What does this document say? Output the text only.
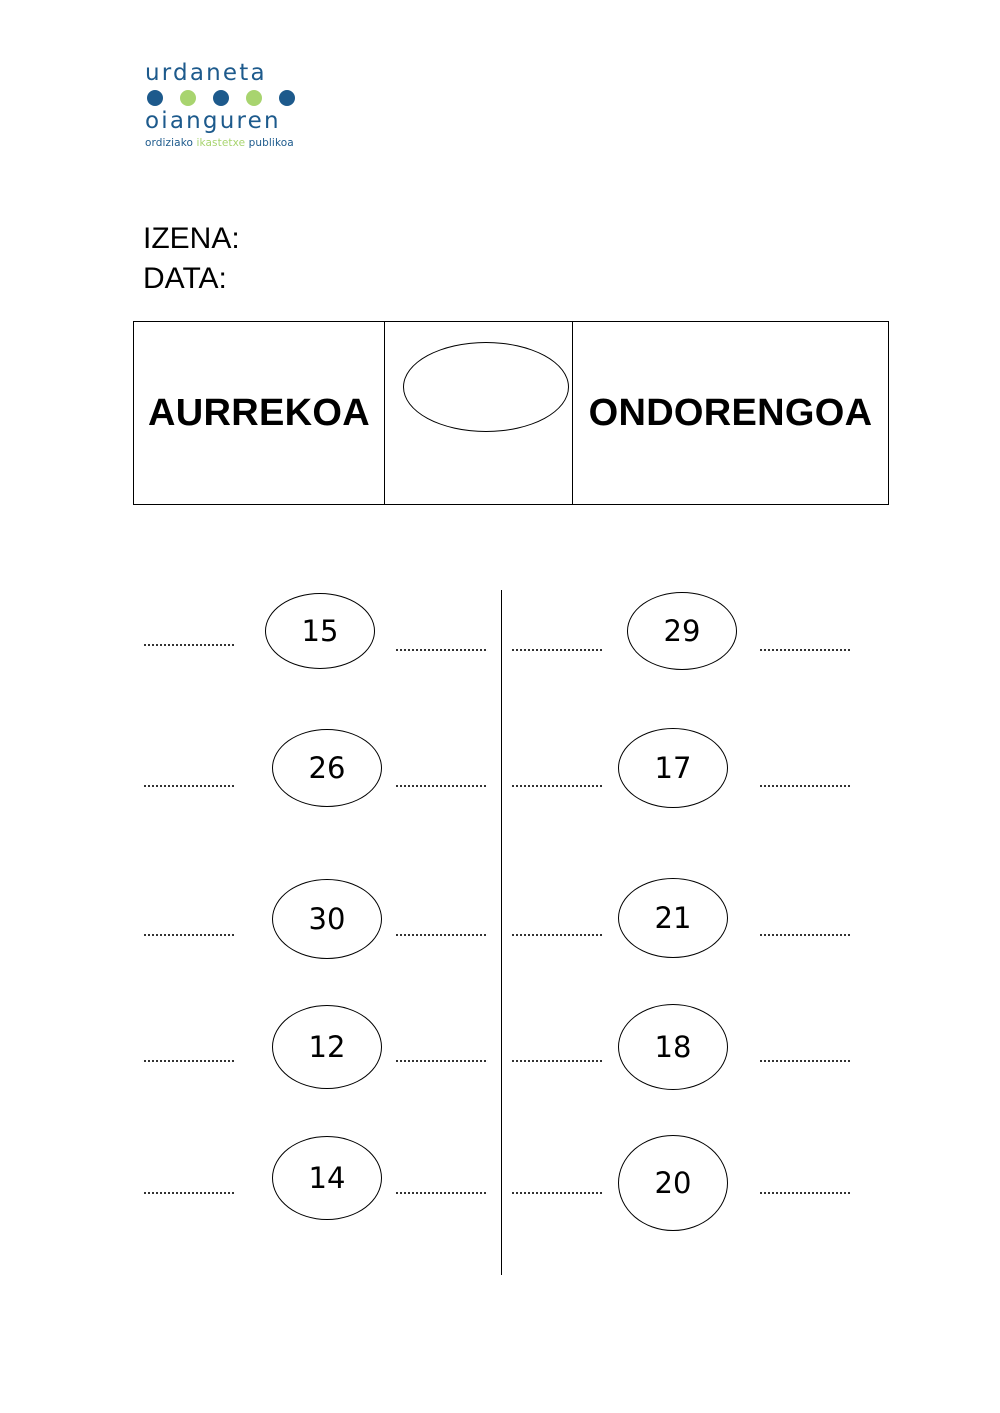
urdaneta

oianguren

ordiziako ikastetxe publikoa
IZENA:
DATA:
AURREKOA	ONDORENGOA
15
26
30
12
14
29
17
21
18
20
